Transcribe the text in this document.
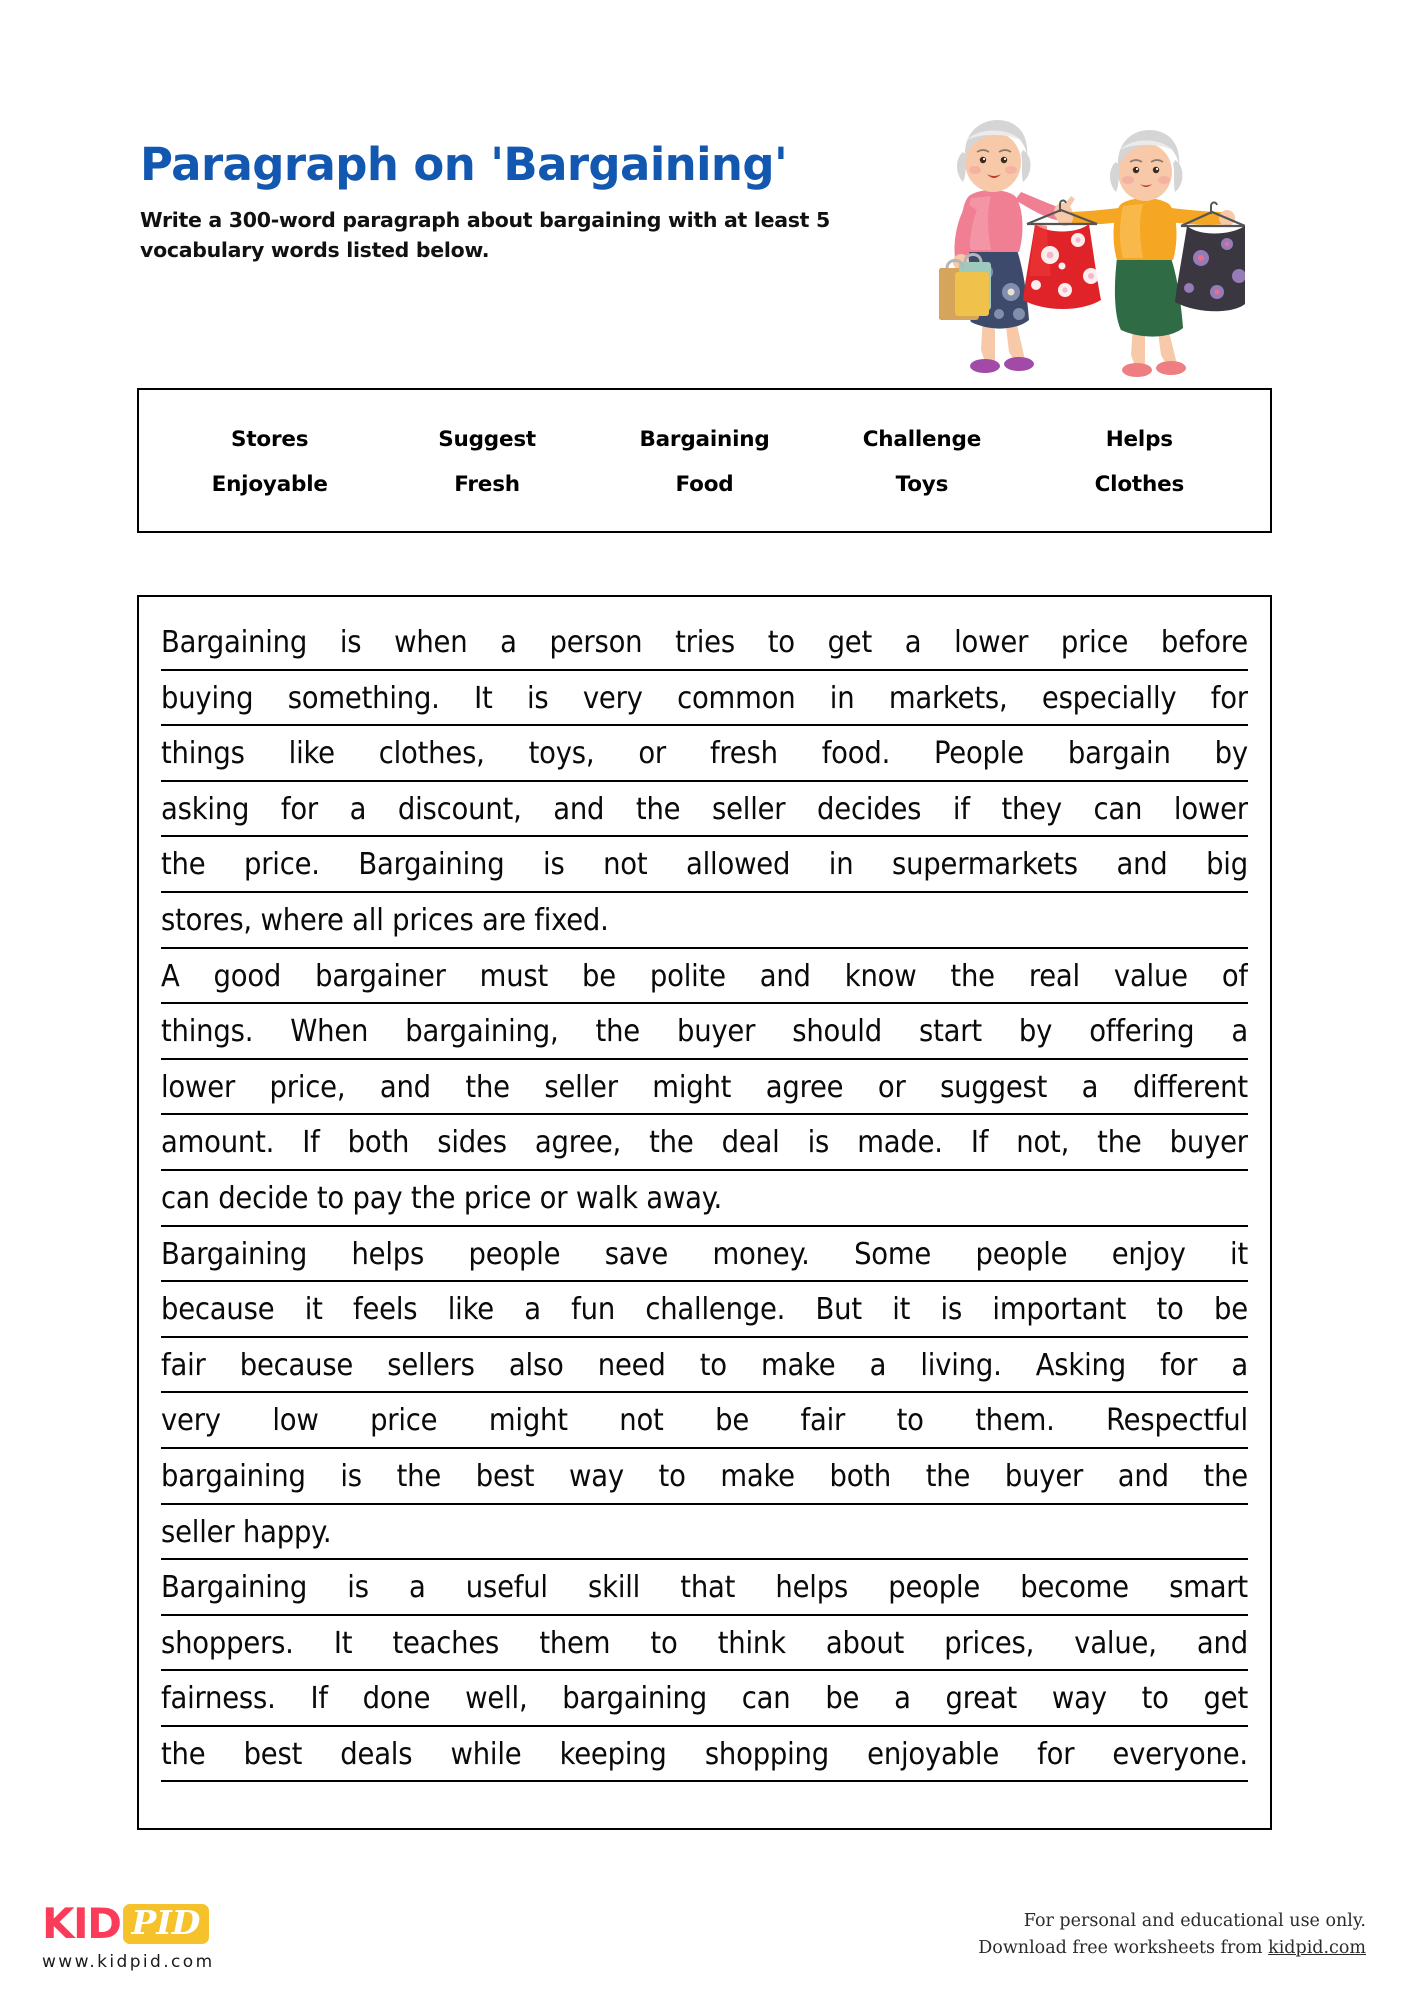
Paragraph on 'Bargaining'
Write a 300-word paragraph about bargaining with at least 5 vocabulary words listed below.
Stores	Suggest	Bargaining	Challenge	Helps
Enjoyable	Fresh	Food	Toys	Clothes
Bargaining is when a person tries to get a lower price before
buying something. It is very common in markets, especially for
things like clothes, toys, or fresh food. People bargain by
asking for a discount, and the seller decides if they can lower
the price. Bargaining is not allowed in supermarkets and big
stores, where all prices are fixed.
A good bargainer must be polite and know the real value of
things. When bargaining, the buyer should start by offering a
lower price, and the seller might agree or suggest a different
amount. If both sides agree, the deal is made. If not, the buyer
can decide to pay the price or walk away.
Bargaining helps people save money. Some people enjoy it
because it feels like a fun challenge. But it is important to be
fair because sellers also need to make a living. Asking for a
very low price might not be fair to them. Respectful
bargaining is the best way to make both the buyer and the
seller happy.
Bargaining is a useful skill that helps people become smart
shoppers. It teaches them to think about prices, value, and
fairness. If done well, bargaining can be a great way to get
the best deals while keeping shopping enjoyable for everyone.
KID PID
www.kidpid.com
For personal and educational use only.
Download free worksheets from kidpid.com
